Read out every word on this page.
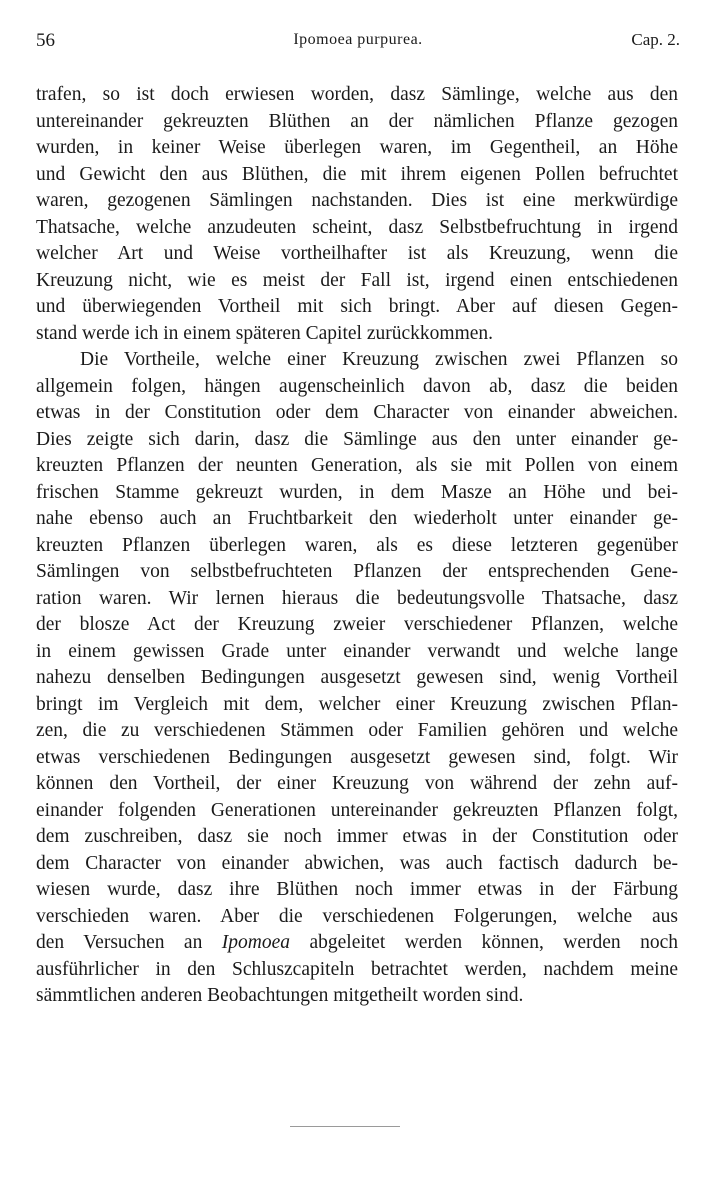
56	Ipomoea purpurea.	Cap. 2.
trafen, so ist doch erwiesen worden, dasz Sämlinge, welche aus den
untereinander gekreuzten Blüthen an der nämlichen Pflanze gezogen
wurden, in keiner Weise überlegen waren, im Gegentheil, an Höhe
und Gewicht den aus Blüthen, die mit ihrem eigenen Pollen befruchtet
waren, gezogenen Sämlingen nachstanden. Dies ist eine merkwürdige
Thatsache, welche anzudeuten scheint, dasz Selbstbefruchtung in irgend
welcher Art und Weise vortheilhafter ist als Kreuzung, wenn die
Kreuzung nicht, wie es meist der Fall ist, irgend einen entschiedenen
und überwiegenden Vortheil mit sich bringt. Aber auf diesen Gegen-
stand werde ich in einem späteren Capitel zurückkommen.
Die Vortheile, welche einer Kreuzung zwischen zwei Pflanzen so
allgemein folgen, hängen augenscheinlich davon ab, dasz die beiden
etwas in der Constitution oder dem Character von einander abweichen.
Dies zeigte sich darin, dasz die Sämlinge aus den unter einander ge-
kreuzten Pflanzen der neunten Generation, als sie mit Pollen von einem
frischen Stamme gekreuzt wurden, in dem Masze an Höhe und bei-
nahe ebenso auch an Fruchtbarkeit den wiederholt unter einander ge-
kreuzten Pflanzen überlegen waren, als es diese letzteren gegenüber
Sämlingen von selbstbefruchteten Pflanzen der entsprechenden Gene-
ration waren. Wir lernen hieraus die bedeutungsvolle Thatsache, dasz
der blosze Act der Kreuzung zweier verschiedener Pflanzen, welche
in einem gewissen Grade unter einander verwandt und welche lange
nahezu denselben Bedingungen ausgesetzt gewesen sind, wenig Vortheil
bringt im Vergleich mit dem, welcher einer Kreuzung zwischen Pflan-
zen, die zu verschiedenen Stämmen oder Familien gehören und welche
etwas verschiedenen Bedingungen ausgesetzt gewesen sind, folgt. Wir
können den Vortheil, der einer Kreuzung von während der zehn auf-
einander folgenden Generationen untereinander gekreuzten Pflanzen folgt,
dem zuschreiben, dasz sie noch immer etwas in der Constitution oder
dem Character von einander abwichen, was auch factisch dadurch be-
wiesen wurde, dasz ihre Blüthen noch immer etwas in der Färbung
verschieden waren. Aber die verschiedenen Folgerungen, welche aus
den Versuchen an Ipomoea abgeleitet werden können, werden noch
ausführlicher in den Schluszcapiteln betrachtet werden, nachdem meine
sämmtlichen anderen Beobachtungen mitgetheilt worden sind.
